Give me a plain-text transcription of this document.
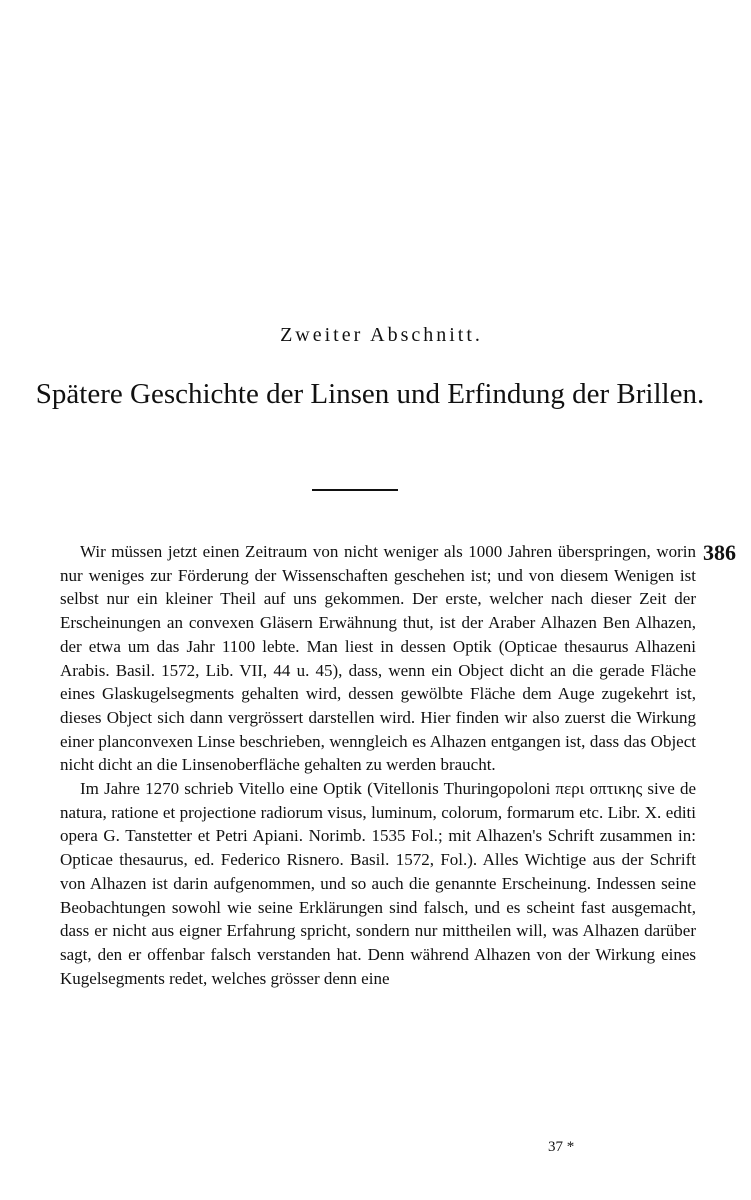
Zweiter Abschnitt.
Spätere Geschichte der Linsen und Erfindung der Brillen.
386

Wir müssen jetzt einen Zeitraum von nicht weniger als 1000 Jahren überspringen, worin nur weniges zur Förderung der Wissenschaften geschehen ist; und von diesem Wenigen ist selbst nur ein kleiner Theil auf uns gekommen. Der erste, welcher nach dieser Zeit der Erscheinungen an convexen Gläsern Erwähnung thut, ist der Araber Alhazen Ben Alhazen, der etwa um das Jahr 1100 lebte. Man liest in dessen Optik (Opticae thesaurus Alhazeni Arabis. Basil. 1572, Lib. VII, 44 u. 45), dass, wenn ein Object dicht an die gerade Fläche eines Glaskugelsegments gehalten wird, dessen gewölbte Fläche dem Auge zugekehrt ist, dieses Object sich dann vergrössert darstellen wird. Hier finden wir also zuerst die Wirkung einer planconvexen Linse beschrieben, wenngleich es Alhazen entgangen ist, dass das Object nicht dicht an die Linsenoberfläche gehalten zu werden braucht.

Im Jahre 1270 schrieb Vitello eine Optik (Vitellonis Thuringopoloni περι οπτικης sive de natura, ratione et projectione radiorum visus, luminum, colorum, formarum etc. Libr. X. editi opera G. Tanstetter et Petri Apiani. Norimb. 1535 Fol.; mit Alhazen's Schrift zusammen in: Opticae thesaurus, ed. Federico Risnero. Basil. 1572, Fol.). Alles Wichtige aus der Schrift von Alhazen ist darin aufgenommen, und so auch die genannte Erscheinung. Indessen seine Beobachtungen sowohl wie seine Erklärungen sind falsch, und es scheint fast ausgemacht, dass er nicht aus eigner Erfahrung spricht, sondern nur mittheilen will, was Alhazen darüber sagt, den er offenbar falsch verstanden hat. Denn während Alhazen von der Wirkung eines Kugelsegments redet, welches grösser denn eine

37 *
